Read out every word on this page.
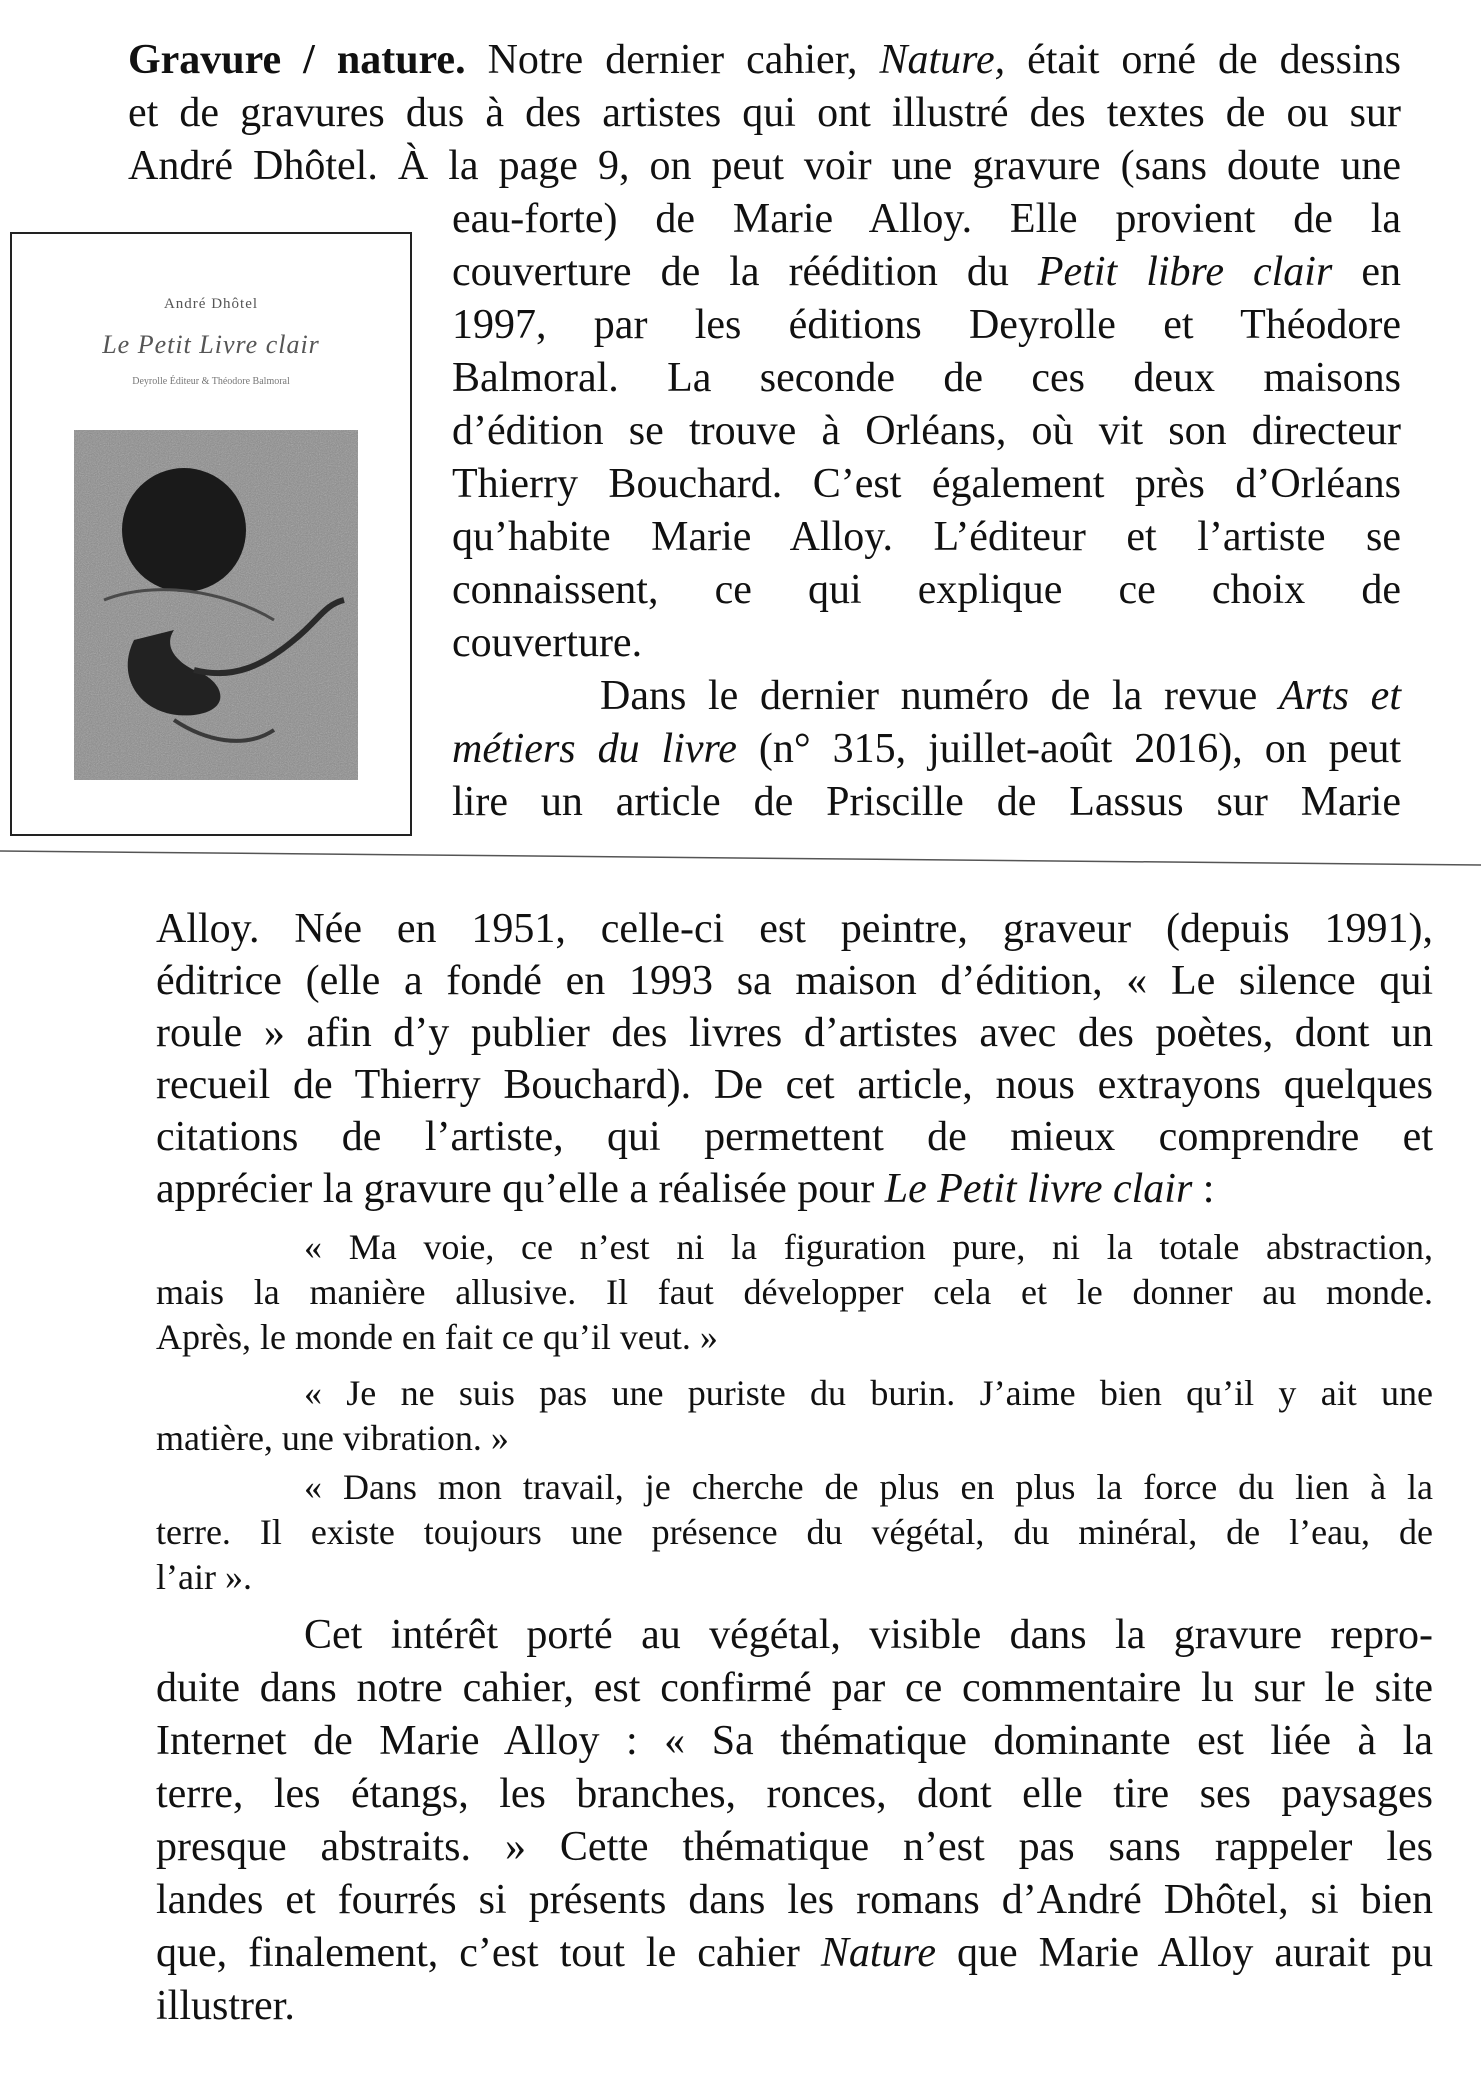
Gravure / nature. Notre dernier cahier, Nature, était orné de dessins
et de gravures dus à des artistes qui ont illustré des textes de ou sur
André Dhôtel. À la page 9, on peut voir une gravure (sans doute une
André Dhôtel
Le Petit Livre clair
Deyrolle Éditeur & Théodore Balmoral
eau-forte) de Marie Alloy. Elle provient de la
couverture de la réédition du Petit libre clair en
1997, par les éditions Deyrolle et Théodore
Balmoral. La seconde de ces deux maisons
d’édition se trouve à Orléans, où vit son directeur
Thierry Bouchard. C’est également près d’Orléans
qu’habite Marie Alloy. L’éditeur et l’artiste se
connaissent, ce qui explique ce choix de
couverture.
Dans le dernier numéro de la revue Arts et
métiers du livre (n° 315, juillet-août 2016), on peut
lire un article de Priscille de Lassus sur Marie
Alloy. Née en 1951, celle-ci est peintre, graveur (depuis 1991),
éditrice (elle a fondé en 1993 sa maison d’édition, « Le silence qui
roule » afin d’y publier des livres d’artistes avec des poètes, dont un
recueil de Thierry Bouchard). De cet article, nous extrayons quelques
citations de l’artiste, qui permettent de mieux comprendre et
apprécier la gravure qu’elle a réalisée pour Le Petit livre clair :
« Ma voie, ce n’est ni la figuration pure, ni la totale abstraction,
mais la manière allusive. Il faut développer cela et le donner au monde.
Après, le monde en fait ce qu’il veut. »
« Je ne suis pas une puriste du burin. J’aime bien qu’il y ait une
matière, une vibration. »
« Dans mon travail, je cherche de plus en plus la force du lien à la
terre. Il existe toujours une présence du végétal, du minéral, de l’eau, de
l’air ».
Cet intérêt porté au végétal, visible dans la gravure repro-
duite dans notre cahier, est confirmé par ce commentaire lu sur le site
Internet de Marie Alloy : « Sa thématique dominante est liée à la
terre, les étangs, les branches, ronces, dont elle tire ses paysages
presque abstraits. » Cette thématique n’est pas sans rappeler les
landes et fourrés si présents dans les romans d’André Dhôtel, si bien
que, finalement, c’est tout le cahier Nature que Marie Alloy aurait pu
illustrer.
